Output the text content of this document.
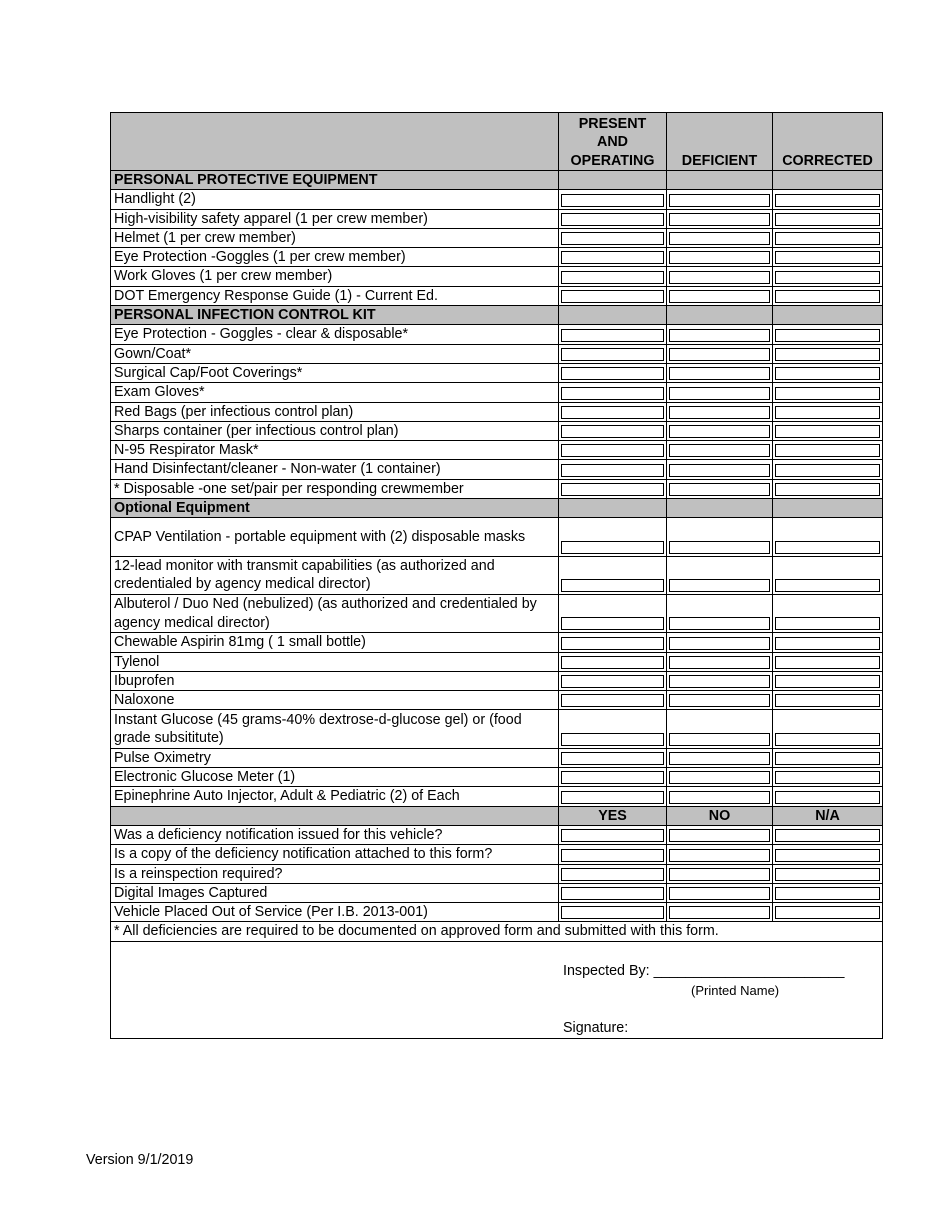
	PRESENT
AND
OPERATING	DEFICIENT	CORRECTED
PERSONAL PROTECTIVE EQUIPMENT			
Handlight (2)	

High-visibility safety apparel (1 per crew member)	

Helmet (1 per crew member)	

Eye Protection -Goggles (1 per crew member)	

Work Gloves (1 per crew member)	

DOT Emergency Response Guide (1) - Current Ed.	

PERSONAL INFECTION CONTROL KIT			
Eye Protection - Goggles - clear & disposable*	

Gown/Coat*	

Surgical Cap/Foot Coverings*	

Exam Gloves*	

Red Bags (per infectious control plan)	

Sharps container (per infectious control plan)	

N-95 Respirator Mask*	

Hand Disinfectant/cleaner - Non-water (1 container)	

* Disposable -one set/pair per responding crewmember	

Optional Equipment			
CPAP Ventilation - portable equipment with (2) disposable masks	

12-lead monitor with transmit capabilities (as authorized and credentialed by agency medical director)	

Albuterol / Duo Ned (nebulized) (as authorized and credentialed by agency medical director)	

Chewable Aspirin 81mg ( 1 small bottle)	

Tylenol	

Ibuprofen	

Naloxone	

Instant Glucose (45 grams-40% dextrose-d-glucose gel) or (food grade subsititute)	

Pulse Oximetry	

Electronic Glucose Meter (1)	

Epinephrine Auto Injector, Adult & Pediatric (2) of Each	

	YES	NO	N/A
Was a deficiency notification issued for this vehicle?	

Is a copy of the deficiency notification attached to this form?	

Is a reinspection required?	

Digital Images Captured	

Vehicle Placed Out of Service (Per I.B. 2013-001)	

* All deficiencies are required to be documented on approved form and submitted with this form.			

Inspected By: ________________________
(Printed Name)
Signature:			
Version 9/1/2019
